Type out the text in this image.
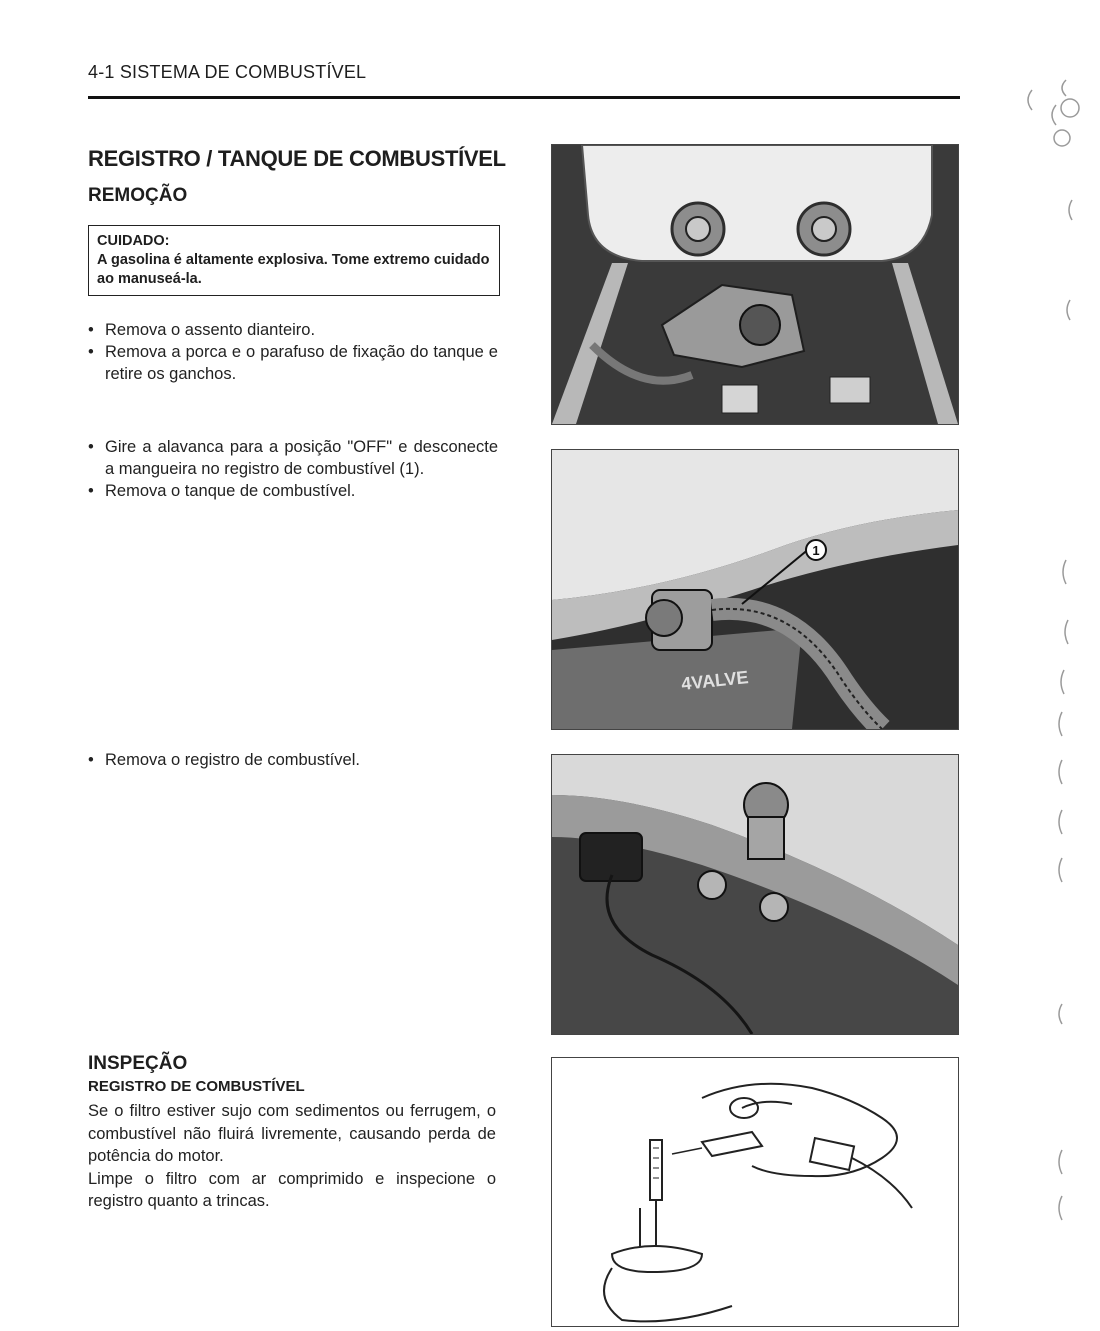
4-1 SISTEMA DE COMBUSTÍVEL
REGISTRO / TANQUE DE COMBUSTÍVEL
REMOÇÃO
CUIDADO:
A gasolina é altamente explosiva. Tome extremo cuidado ao manuseá-la.
• Remova o assento dianteiro.
• Remova a porca e o parafuso de fixação do tanque e retire os ganchos.
• Gire a alavanca para a posição "OFF" e desconecte a mangueira no registro de combustível (1).
• Remova o tanque de combustível.
• Remova o registro de combustível.
1
4VALVE
INSPEÇÃO
REGISTRO DE COMBUSTÍVEL

Se o filtro estiver sujo com sedimentos ou ferrugem, o combustível não fluirá livremente, causando perda de potência do motor.

Limpe o filtro com ar comprimido e inspecione o registro quanto a trincas.
